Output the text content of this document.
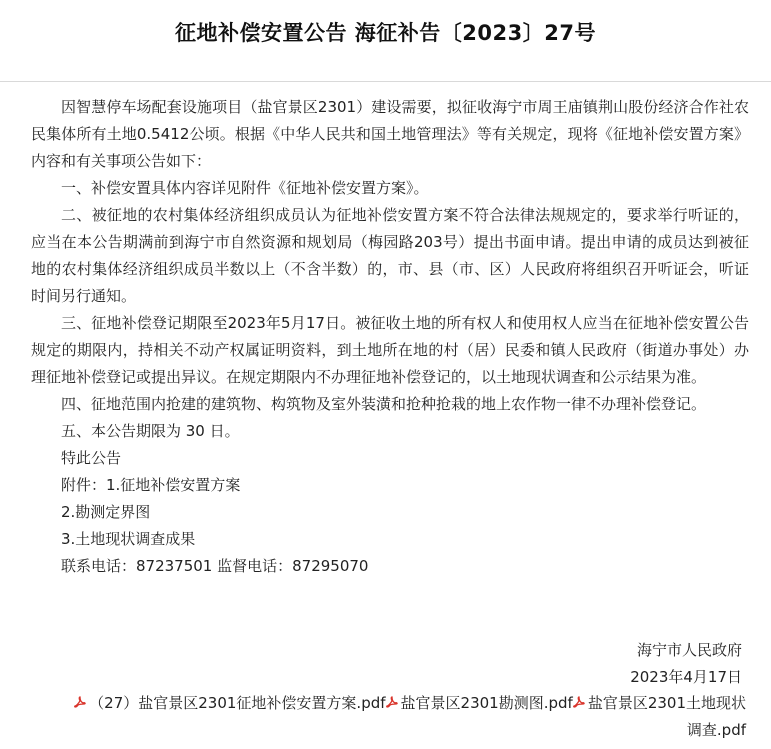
征地补偿安置公告 海征补告〔2023〕27号

因智慧停车场配套设施项目（盐官景区2301）建设需要，拟征收海宁市周王庙镇荆山股份经济合作社农民集体所有土地0.5412公顷。根据《中华人民共和国土地管理法》等有关规定，现将《征地补偿安置方案》内容和有关事项公告如下：

一、补偿安置具体内容详见附件《征地补偿安置方案》。

二、被征地的农村集体经济组织成员认为征地补偿安置方案不符合法律法规规定的，要求举行听证的，应当在本公告期满前到海宁市自然资源和规划局（梅园路203号）提出书面申请。提出申请的成员达到被征地的农村集体经济组织成员半数以上（不含半数）的，市、县（市、区）人民政府将组织召开听证会，听证时间另行通知。

三、征地补偿登记期限至2023年5月17日。被征收土地的所有权人和使用权人应当在征地补偿安置公告规定的期限内，持相关不动产权属证明资料，到土地所在地的村（居）民委和镇人民政府（街道办事处）办理征地补偿登记或提出异议。在规定期限内不办理征地补偿登记的，以土地现状调查和公示结果为准。

四、征地范围内抢建的建筑物、构筑物及室外装潢和抢种抢栽的地上农作物一律不办理补偿登记。

五、本公告期限为 30 日。

特此公告

附件：1.征地补偿安置方案

2.勘测定界图

3.土地现状调查成果

联系电话：87237501 监督电话：87295070

海宁市人民政府
2023年4月17日
（27）盐官景区2301征地补偿安置方案.pdf 盐官景区2301勘测图.pdf 盐官景区2301土地现状调查.pdf
